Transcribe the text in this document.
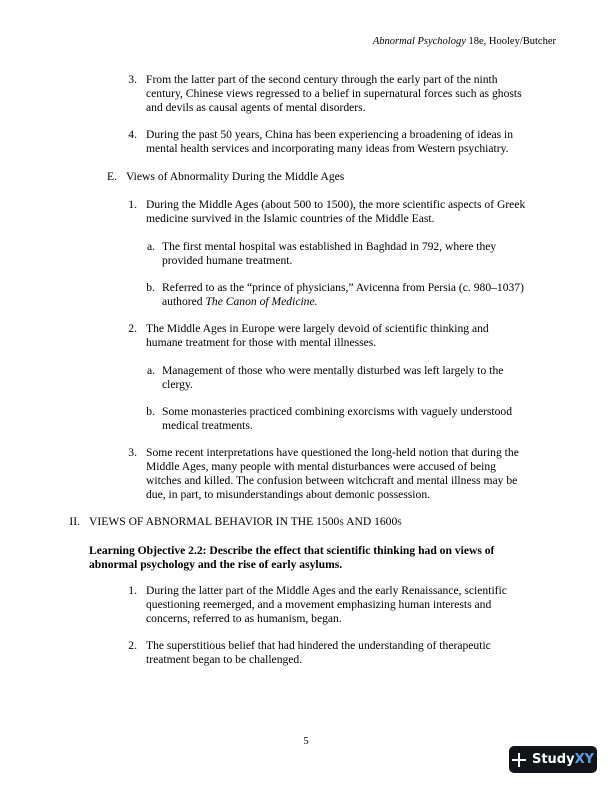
Abnormal Psychology 18e, Hooley/Butcher
3. From the latter part of the second century through the early part of the ninth
century, Chinese views regressed to a belief in supernatural forces such as ghosts
and devils as causal agents of mental disorders.
4. During the past 50 years, China has been experiencing a broadening of ideas in
mental health services and incorporating many ideas from Western psychiatry.
E. Views of Abnormality During the Middle Ages
1. During the Middle Ages (about 500 to 1500), the more scientific aspects of Greek
medicine survived in the Islamic countries of the Middle East.
a. The first mental hospital was established in Baghdad in 792, where they
provided humane treatment.
b. Referred to as the “prince of physicians,” Avicenna from Persia (c. 980–1037)
authored The Canon of Medicine.
2. The Middle Ages in Europe were largely devoid of scientific thinking and
humane treatment for those with mental illnesses.
a. Management of those who were mentally disturbed was left largely to the
clergy.
b. Some monasteries practiced combining exorcisms with vaguely understood
medical treatments.
3. Some recent interpretations have questioned the long-held notion that during the
Middle Ages, many people with mental disturbances were accused of being
witches and killed. The confusion between witchcraft and mental illness may be
due, in part, to misunderstandings about demonic possession.
II. VIEWS OF ABNORMAL BEHAVIOR IN THE 1500s AND 1600s
Learning Objective 2.2: Describe the effect that scientific thinking had on views of
abnormal psychology and the rise of early asylums.
1. During the latter part of the Middle Ages and the early Renaissance, scientific
questioning reemerged, and a movement emphasizing human interests and
concerns, referred to as humanism, began.
2. The superstitious belief that had hindered the understanding of therapeutic
treatment began to be challenged.
5
StudyXY
